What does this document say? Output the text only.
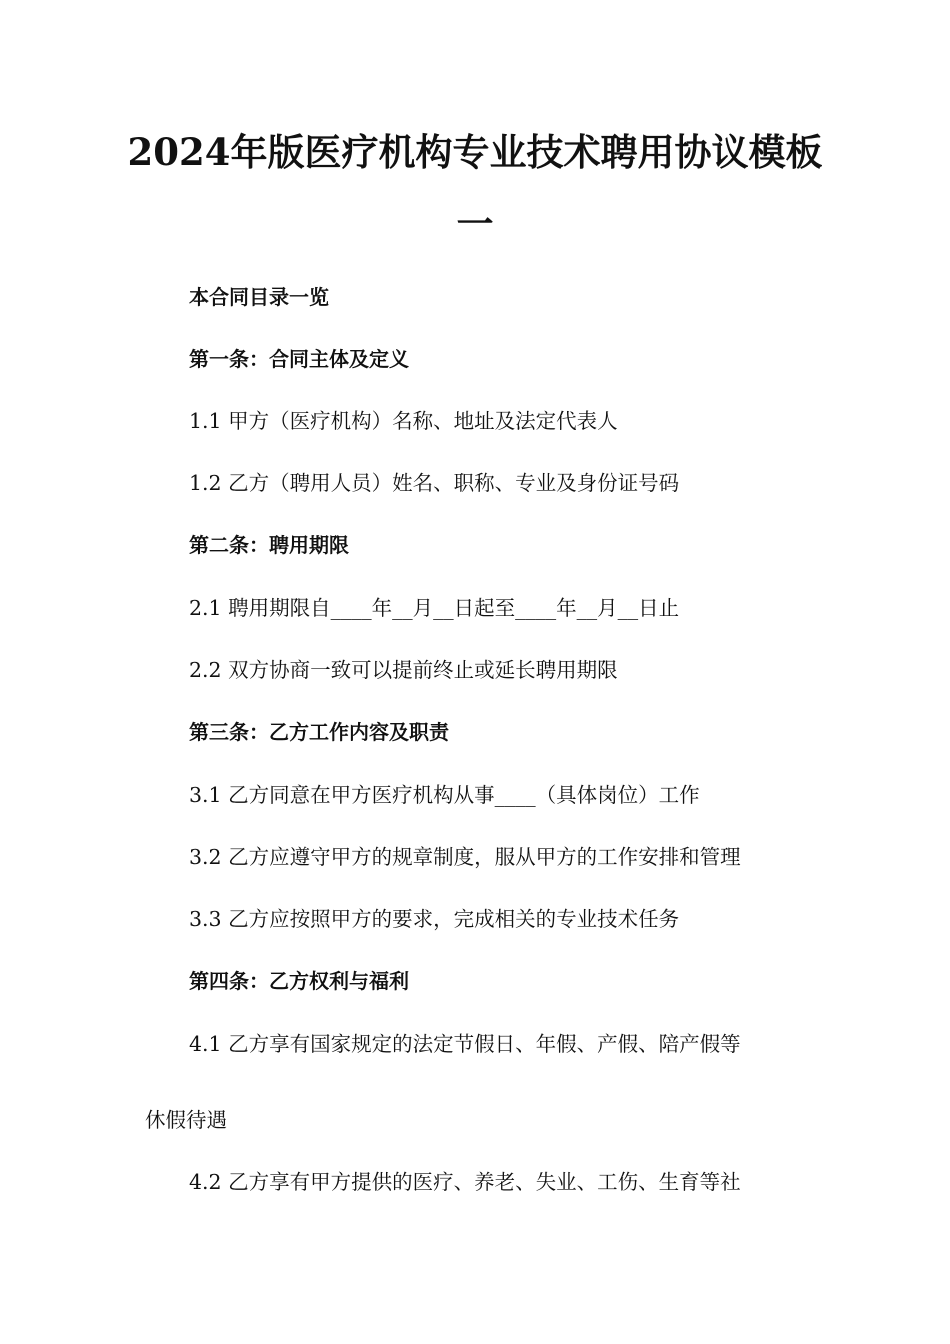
2024年版医疗机构专业技术聘用协议模板
一
本合同目录一览
第一条：合同主体及定义
1.1 甲方（医疗机构）名称、地址及法定代表人
1.2 乙方（聘用人员）姓名、职称、专业及身份证号码
第二条：聘用期限
2.1 聘用期限自____年__月__日起至____年__月__日止
2.2 双方协商一致可以提前终止或延长聘用期限
第三条：乙方工作内容及职责
3.1 乙方同意在甲方医疗机构从事____（具体岗位）工作
3.2 乙方应遵守甲方的规章制度，服从甲方的工作安排和管理
3.3 乙方应按照甲方的要求，完成相关的专业技术任务
第四条：乙方权利与福利
4.1 乙方享有国家规定的法定节假日、年假、产假、陪产假等
休假待遇
4.2 乙方享有甲方提供的医疗、养老、失业、工伤、生育等社
